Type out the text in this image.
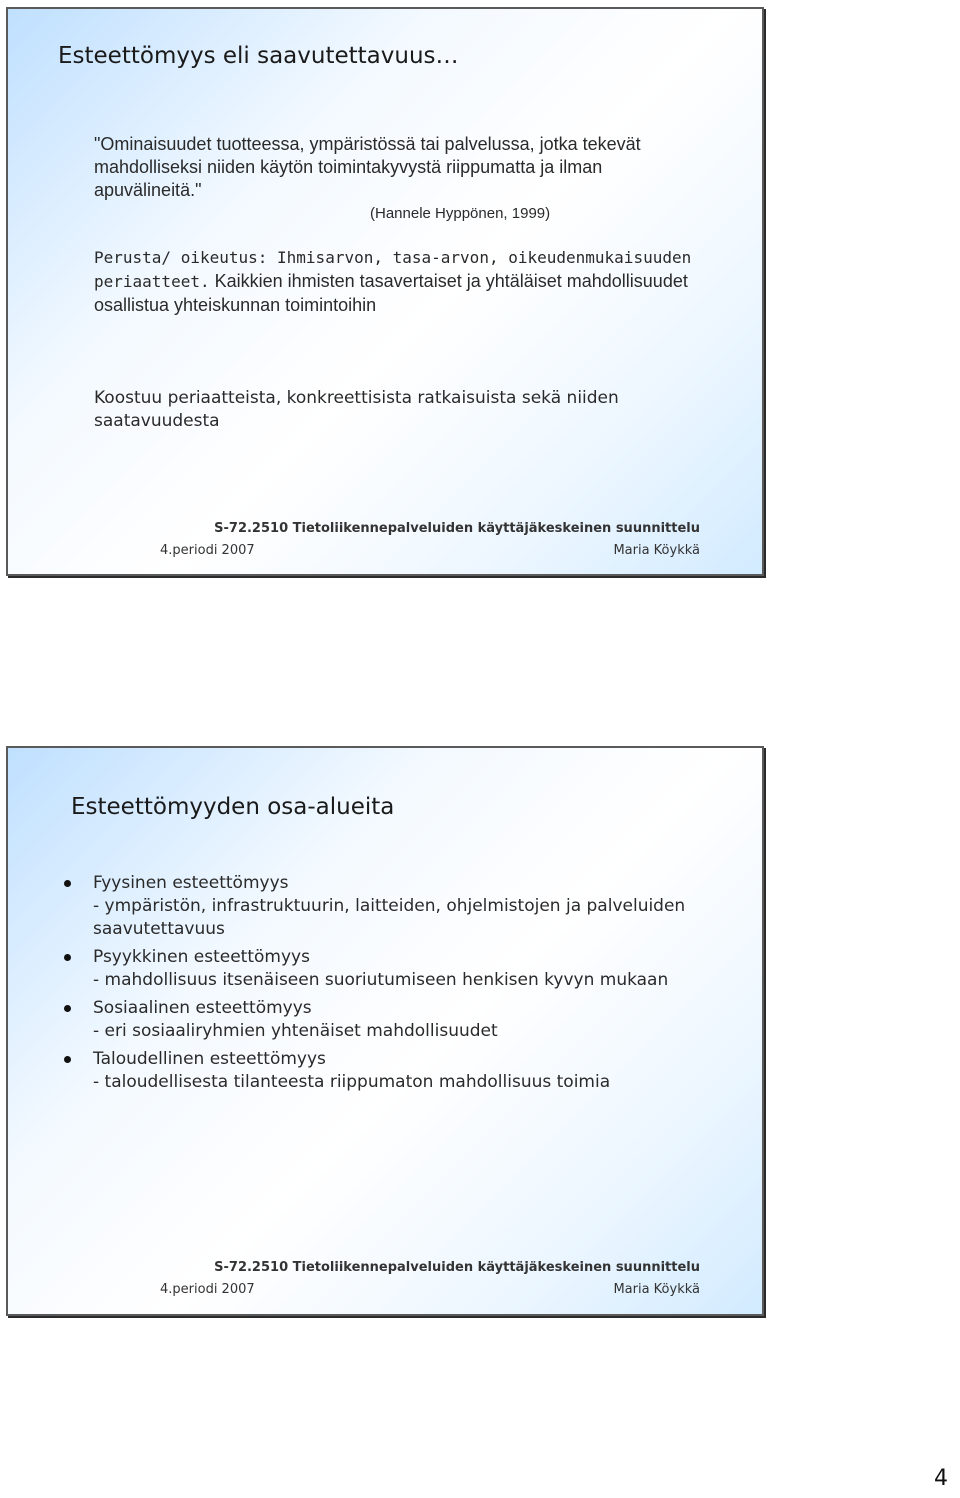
Esteettömyys eli saavutettavuus…

"Ominaisuudet tuotteessa, ympäristössä tai palvelussa, jotka tekevät mahdolliseksi niiden käytön toimintakyvystä riippumatta ja ilman apuvälineitä."

(Hannele Hyppönen, 1999)

Perusta/ oikeutus: Ihmisarvon, tasa-arvon, oikeudenmukaisuuden periaatteet. Kaikkien ihmisten tasavertaiset ja yhtäläiset mahdollisuudet osallistua yhteiskunnan toimintoihin

Koostuu periaatteista, konkreettisista ratkaisuista sekä niiden saatavuudesta

S-72.2510 Tietoliikennepalveluiden käyttäjäkeskeinen suunnittelu
4.periodi 2007	Maria Köykkä
Esteettömyyden osa-alueita
Fyysinen esteettömyys
- ympäristön, infrastruktuurin, laitteiden, ohjelmistojen ja palveluiden saavutettavuus
Psyykkinen esteettömyys
- mahdollisuus itsenäiseen suoriutumiseen henkisen kyvyn mukaan
Sosiaalinen esteettömyys
- eri sosiaaliryhmien yhtenäiset mahdollisuudet
Taloudellinen esteettömyys
- taloudellisesta tilanteesta riippumaton mahdollisuus toimia
S-72.2510 Tietoliikennepalveluiden käyttäjäkeskeinen suunnittelu
4.periodi 2007	Maria Köykkä
4
